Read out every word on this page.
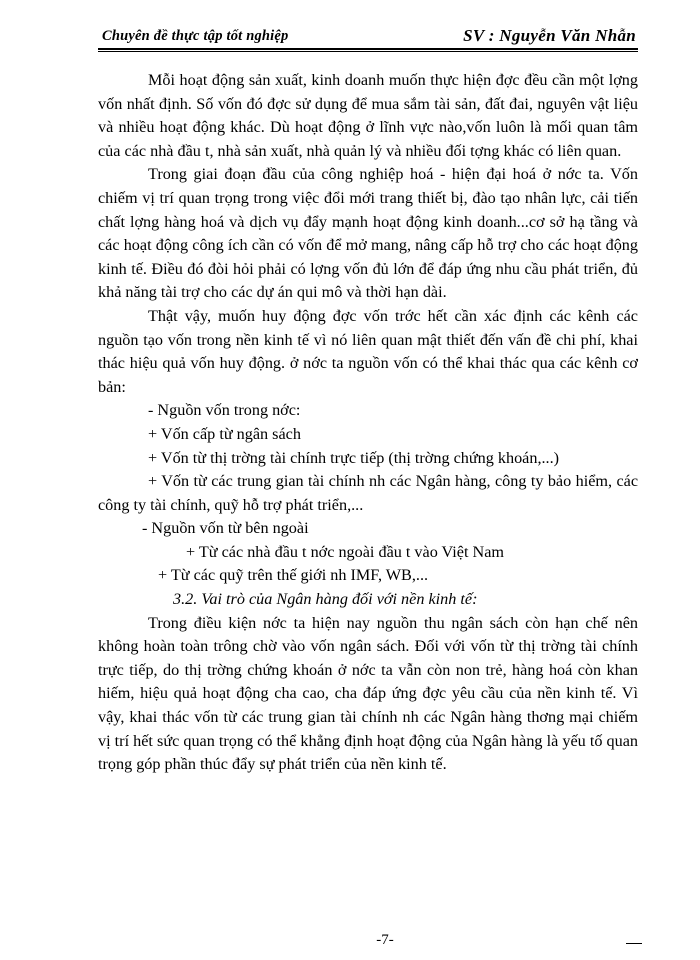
Chuyên đề thực tập tốt nghiệp	SV : Nguyễn Văn Nhẫn

Mỗi hoạt động sản xuất, kinh doanh muốn thực hiện đợc đều cần một lợng vốn nhất định. Số vốn đó đợc sử dụng để mua sắm tài sản, đất đai, nguyên vật liệu và nhiều hoạt động khác. Dù hoạt động ở lĩnh vực nào,vốn luôn là mối quan tâm của các nhà đầu t, nhà sản xuất, nhà quản lý và nhiều đối tợng khác có liên quan.

Trong giai đoạn đầu của công nghiệp hoá - hiện đại hoá ở nớc ta. Vốn chiếm vị trí quan trọng trong việc đổi mới trang thiết bị, đào tạo nhân lực, cải tiến chất lợng hàng hoá và dịch vụ đẩy mạnh hoạt động kinh doanh...cơ sở hạ tầng và các hoạt động công ích cần có vốn để mở mang, nâng cấp hỗ trợ cho các hoạt động kinh tế. Điều đó đòi hỏi phải có lợng vốn đủ lớn để đáp ứng nhu cầu phát triển, đủ khả năng tài trợ cho các dự án qui mô và thời hạn dài.

Thật vậy, muốn huy động đợc vốn trớc hết cần xác định các kênh các nguồn tạo vốn trong nền kinh tế vì nó liên quan mật thiết đến vấn đề chi phí, khai thác hiệu quả vốn huy động. ở nớc ta nguồn vốn có thể khai thác qua các kênh cơ bản:

- Nguồn vốn trong nớc:

+ Vốn cấp từ ngân sách

+ Vốn từ thị trờng tài chính trực tiếp (thị trờng chứng khoán,...)

+ Vốn từ các trung gian tài chính nh các Ngân hàng, công ty bảo hiểm, các công ty tài chính, quỹ hỗ trợ phát triển,...

- Nguồn vốn từ bên ngoài

+ Từ các nhà đầu t nớc ngoài đầu t vào Việt Nam

+ Từ các quỹ trên thế giới nh IMF, WB,...

3.2. Vai trò của Ngân hàng đối với nền kinh tế:

Trong điều kiện nớc ta hiện nay nguồn thu ngân sách còn hạn chế nên không hoàn toàn trông chờ vào vốn ngân sách. Đối với vốn từ thị trờng tài chính trực tiếp, do thị trờng chứng khoán ở nớc ta vẫn còn non trẻ, hàng hoá còn khan hiếm, hiệu quả hoạt động cha cao, cha đáp ứng đợc yêu cầu của nền kinh tế. Vì vậy, khai thác vốn từ các trung gian tài chính nh các Ngân hàng thơng mại chiếm vị trí hết sức quan trọng có thể khẳng định hoạt động của Ngân hàng là yếu tố quan trọng góp phần thúc đẩy sự phát triển của nền kinh tế.

-7-
